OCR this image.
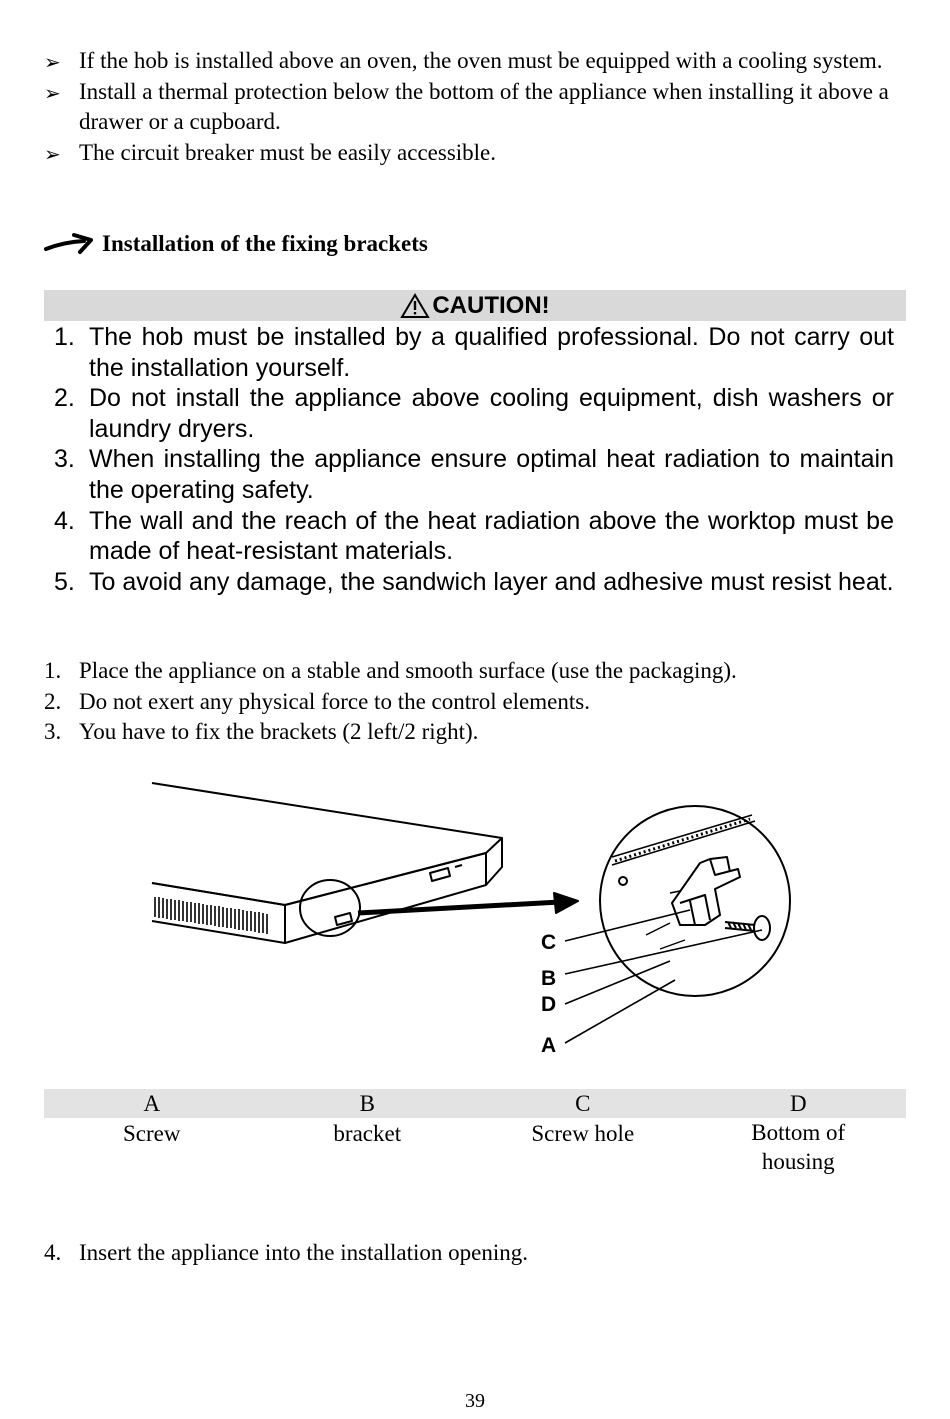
➢ If the hob is installed above an oven, the oven must be equipped with a cooling system.
➢ Install a thermal protection below the bottom of the appliance when installing it above a drawer or a cupboard.
➢ The circuit breaker must be easily accessible.
Installation of the fixing brackets
CAUTION!
1. The hob must be installed by a qualified professional. Do not carry out the installation yourself.
2. Do not install the appliance above cooling equipment, dish washers or laundry dryers.
3. When installing the appliance ensure optimal heat radiation to maintain the operating safety.
4. The wall and the reach of the heat radiation above the worktop must be made of heat-resistant materials.
5. To avoid any damage, the sandwich layer and adhesive must resist heat.
1. Place the appliance on a stable and smooth surface (use the packaging).
2. Do not exert any physical force to the control elements.
3. You have to fix the brackets (2 left/2 right).
C
B
D
A
A	B	C	D
Screw	bracket	Screw hole	Bottom of housing
4. Insert the appliance into the installation opening.
39
